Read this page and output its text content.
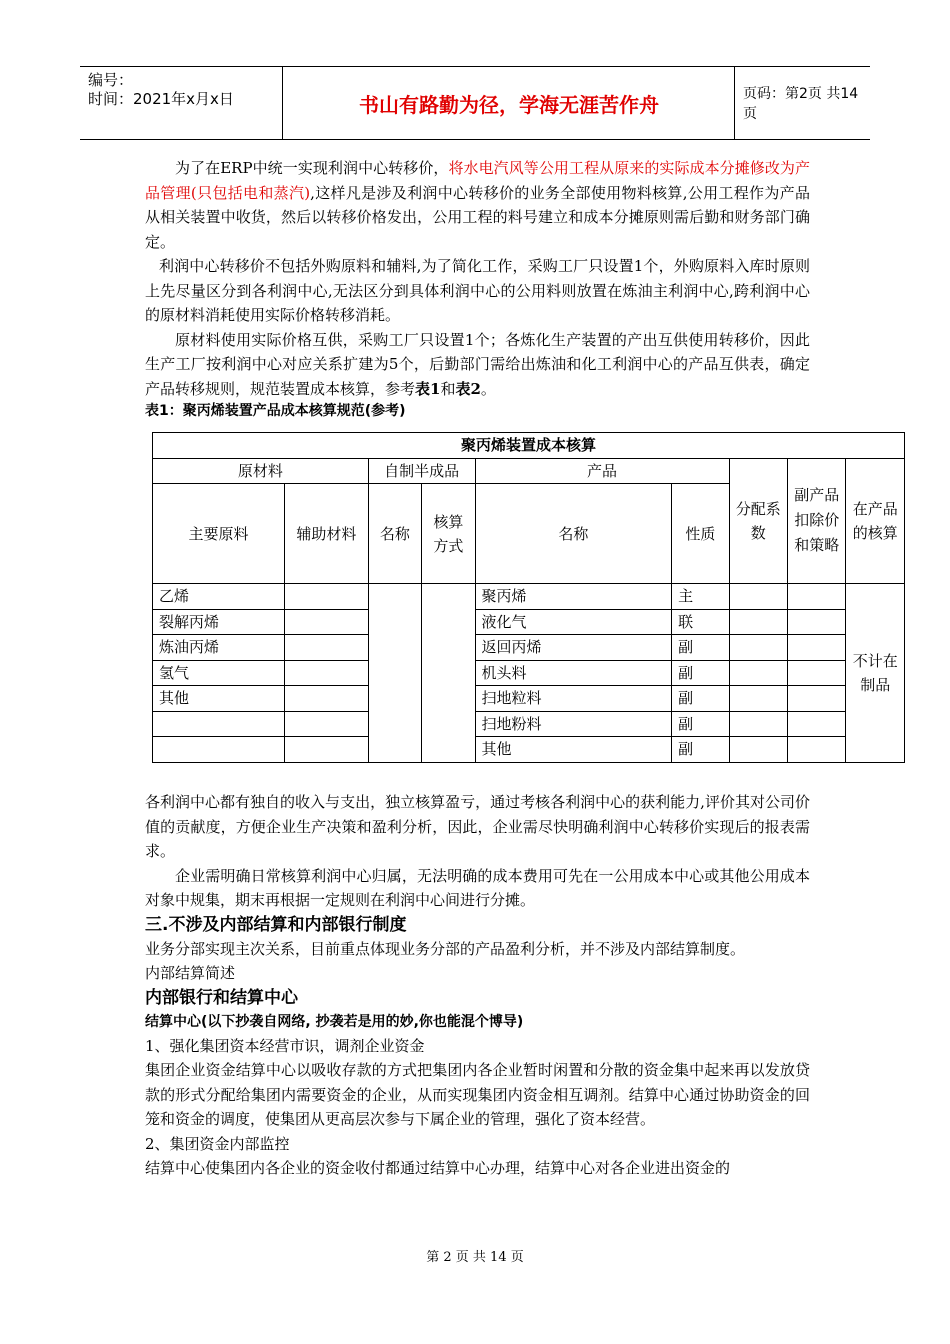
编号：
时间：2021年x月x日	书山有路勤为径，学海无涯苦作舟	页码：第2页 共14页

为了在ERP中统一实现利润中心转移价，将水电汽风等公用工程从原来的实际成本分摊修改为产品管理(只包括电和蒸汽),这样凡是涉及利润中心转移价的业务全部使用物料核算,公用工程作为产品从相关装置中收货，然后以转移价格发出，公用工程的料号建立和成本分摊原则需后勤和财务部门确定。

利润中心转移价不包括外购原料和辅料,为了简化工作，采购工厂只设置1个，外购原料入库时原则上先尽量区分到各利润中心,无法区分到具体利润中心的公用料则放置在炼油主利润中心,跨利润中心的原材料消耗使用实际价格转移消耗。

原材料使用实际价格互供，采购工厂只设置1个；各炼化生产装置的产出互供使用转移价，因此生产工厂按利润中心对应关系扩建为5个，后勤部门需给出炼油和化工利润中心的产品互供表，确定产品转移规则，规范装置成本核算，参考表1和表2。

表1：聚丙烯装置产品成本核算规范(参考)

聚丙烯装置成本核算								
原材料		自制半成品		产品		分配系数	副产品扣除价和策略	在产品的核算
主要原料	辅助材料	名称	核算方式	名称	性质			
乙烯				聚丙烯	主			不计在制品
裂解丙烯				液化气	联			
炼油丙烯				返回丙烯	副			
氢气				机头料	副			
其他				扫地粒料	副			
				扫地粉料	副			
				其他	副			

各利润中心都有独自的收入与支出，独立核算盈亏，通过考核各利润中心的获利能力,评价其对公司价值的贡献度，方便企业生产决策和盈利分析，因此，企业需尽快明确利润中心转移价实现后的报表需求。

企业需明确日常核算利润中心归属，无法明确的成本费用可先在一公用成本中心或其他公用成本对象中规集，期末再根据一定规则在利润中心间进行分摊。

三.不涉及内部结算和内部银行制度

业务分部实现主次关系，目前重点体现业务分部的产品盈利分析，并不涉及内部结算制度。

内部结算简述

内部银行和结算中心

结算中心(以下抄袭自网络, 抄袭若是用的妙,你也能混个博导)

1、强化集团资本经营市识，调剂企业资金

集团企业资金结算中心以吸收存款的方式把集团内各企业暂时闲置和分散的资金集中起来再以发放贷款的形式分配给集团内需要资金的企业，从而实现集团内资金相互调剂。结算中心通过协助资金的回笼和资金的调度，使集团从更高层次参与下属企业的管理，强化了资本经营。

2、集团资金内部监控

结算中心使集团内各企业的资金收付都通过结算中心办理，结算中心对各企业进出资金的

第 2 页 共 14 页
